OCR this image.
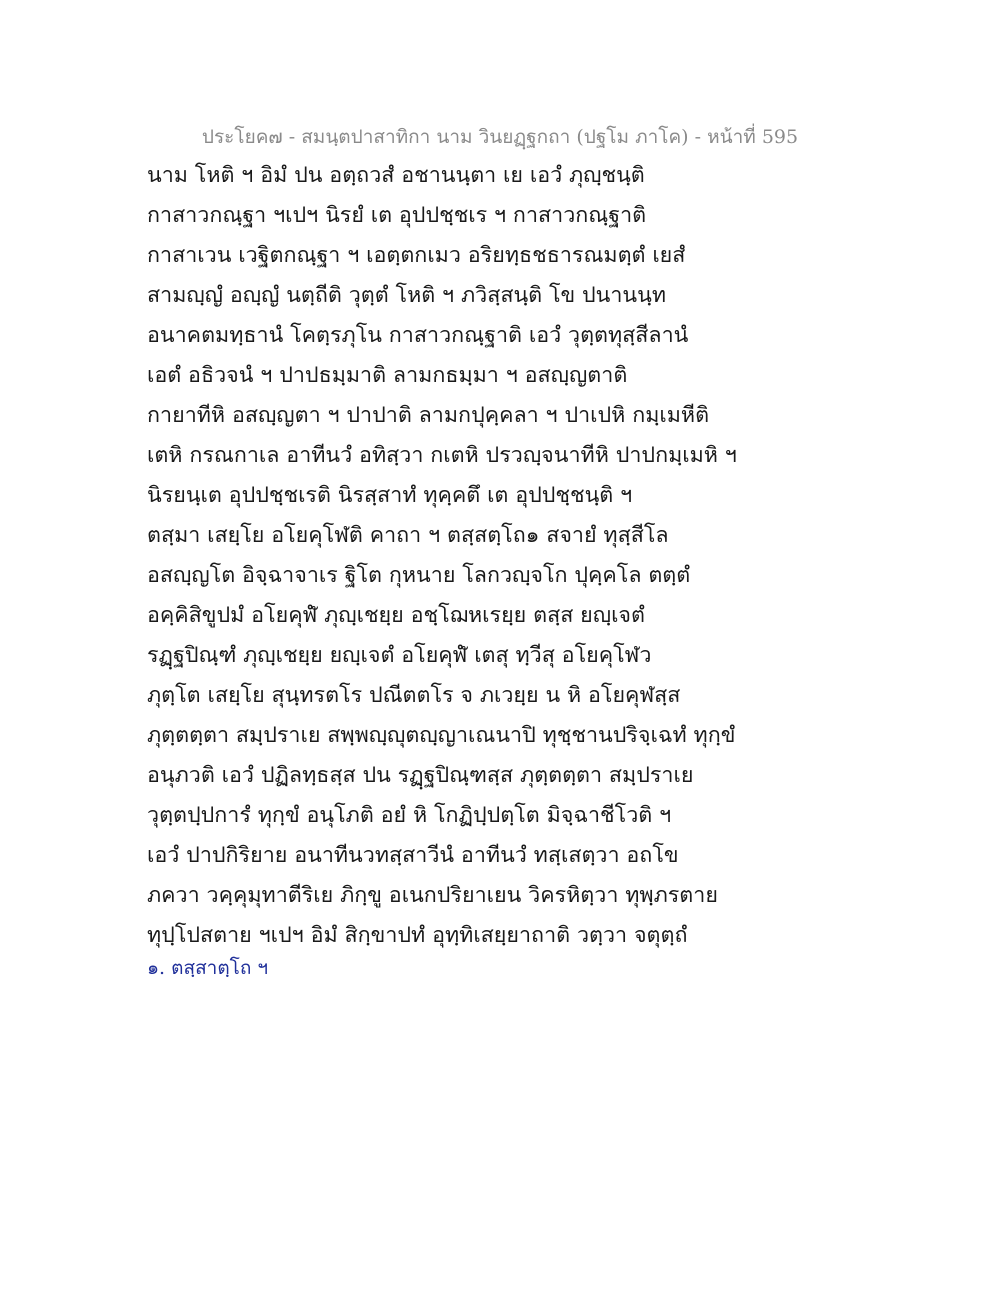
ประโยค๗ - สมนฺตปาสาทิกา นาม วินยฏฺฐกถา (ปฐโม ภาโค) - หน้าที่ 595
นาม โหติ ฯ อิมํ ปน อตฺถวสํ อชานนฺตา เย เอวํ ภุญฺชนฺติ
กาสาวกณฺฐา ฯเปฯ นิรยํ เต อุปปชฺชเร ฯ กาสาวกณฺฐาติ
กาสาเวน เวฐิตกณฺฐา ฯ เอตฺตกเมว อริยทฺธชธารณมตฺตํ เยสํ
สามญฺญํ อญฺญํ นตฺถีติ วุตฺตํ โหติ ฯ ภวิสฺสนฺติ โข ปนานนฺท
อนาคตมทฺธานํ โคตฺรภุโน กาสาวกณฺฐาติ เอวํ วุตฺตทุสฺสีลานํ
เอตํ อธิวจนํ ฯ ปาปธมฺมาติ ลามกธมฺมา ฯ อสญฺญตาติ
กายาทีหิ อสญฺญตา ฯ ปาปาติ ลามกปุคฺคลา ฯ ปาเปหิ กมฺเมหีติ
เตหิ กรณกาเล อาทีนวํ อทิสฺวา กเตหิ ปรวญฺจนาทีหิ ปาปกมฺเมหิ ฯ
นิรยนฺเต อุปปชฺชเรติ นิรสฺสาทํ ทุคฺคตึ เต อุปปชฺชนฺติ ฯ
ตสฺมา เสยฺโย อโยคุโฬติ คาถา ฯ ตสฺสตฺโถ๑ สจายํ ทุสฺสีโล
อสญฺญโต อิจฺฉาจาเร ฐิโต กุหนาย โลกวญฺจโก ปุคฺคโล ตตฺตํ
อคฺคิสิขูปมํ อโยคุฬํ ภุญฺเชยฺย อชฺโฌหเรยฺย ตสฺส ยญฺเจตํ
รฏฺฐปิณฺฑํ ภุญฺเชยฺย ยญฺเจตํ อโยคุฬํ เตสุ ทฺวีสุ อโยคุโฬว
ภุตฺโต เสยฺโย สุนฺทรตโร ปณีตตโร จ ภเวยฺย น หิ อโยคุฬสฺส
ภุตฺตตฺตา สมฺปราเย สพฺพญฺญุตญฺญาเณนาปิ ทุชฺชานปริจฺเฉทํ ทุกฺขํ
อนุภวติ เอวํ ปฏิลทฺธสฺส ปน รฏฺฐปิณฺฑสฺส ภุตฺตตฺตา สมฺปราเย
วุตฺตปฺปการํ ทุกฺขํ อนุโภติ อยํ หิ โกฏิปฺปตฺโต มิจฺฉาชีโวติ ฯ
เอวํ ปาปกิริยาย อนาทีนวทสฺสาวีนํ อาทีนวํ ทสฺเสตฺวา อถโข
ภควา วคฺคุมุทาตีริเย ภิกฺขู อเนกปริยาเยน วิครหิตฺวา ทุพฺภรตาย
ทุปฺโปสตาย ฯเปฯ อิมํ สิกฺขาปทํ อุทฺทิเสยฺยาถาติ วตฺวา จตุตฺถํ
๑. ตสฺสาตฺโถ ฯ
